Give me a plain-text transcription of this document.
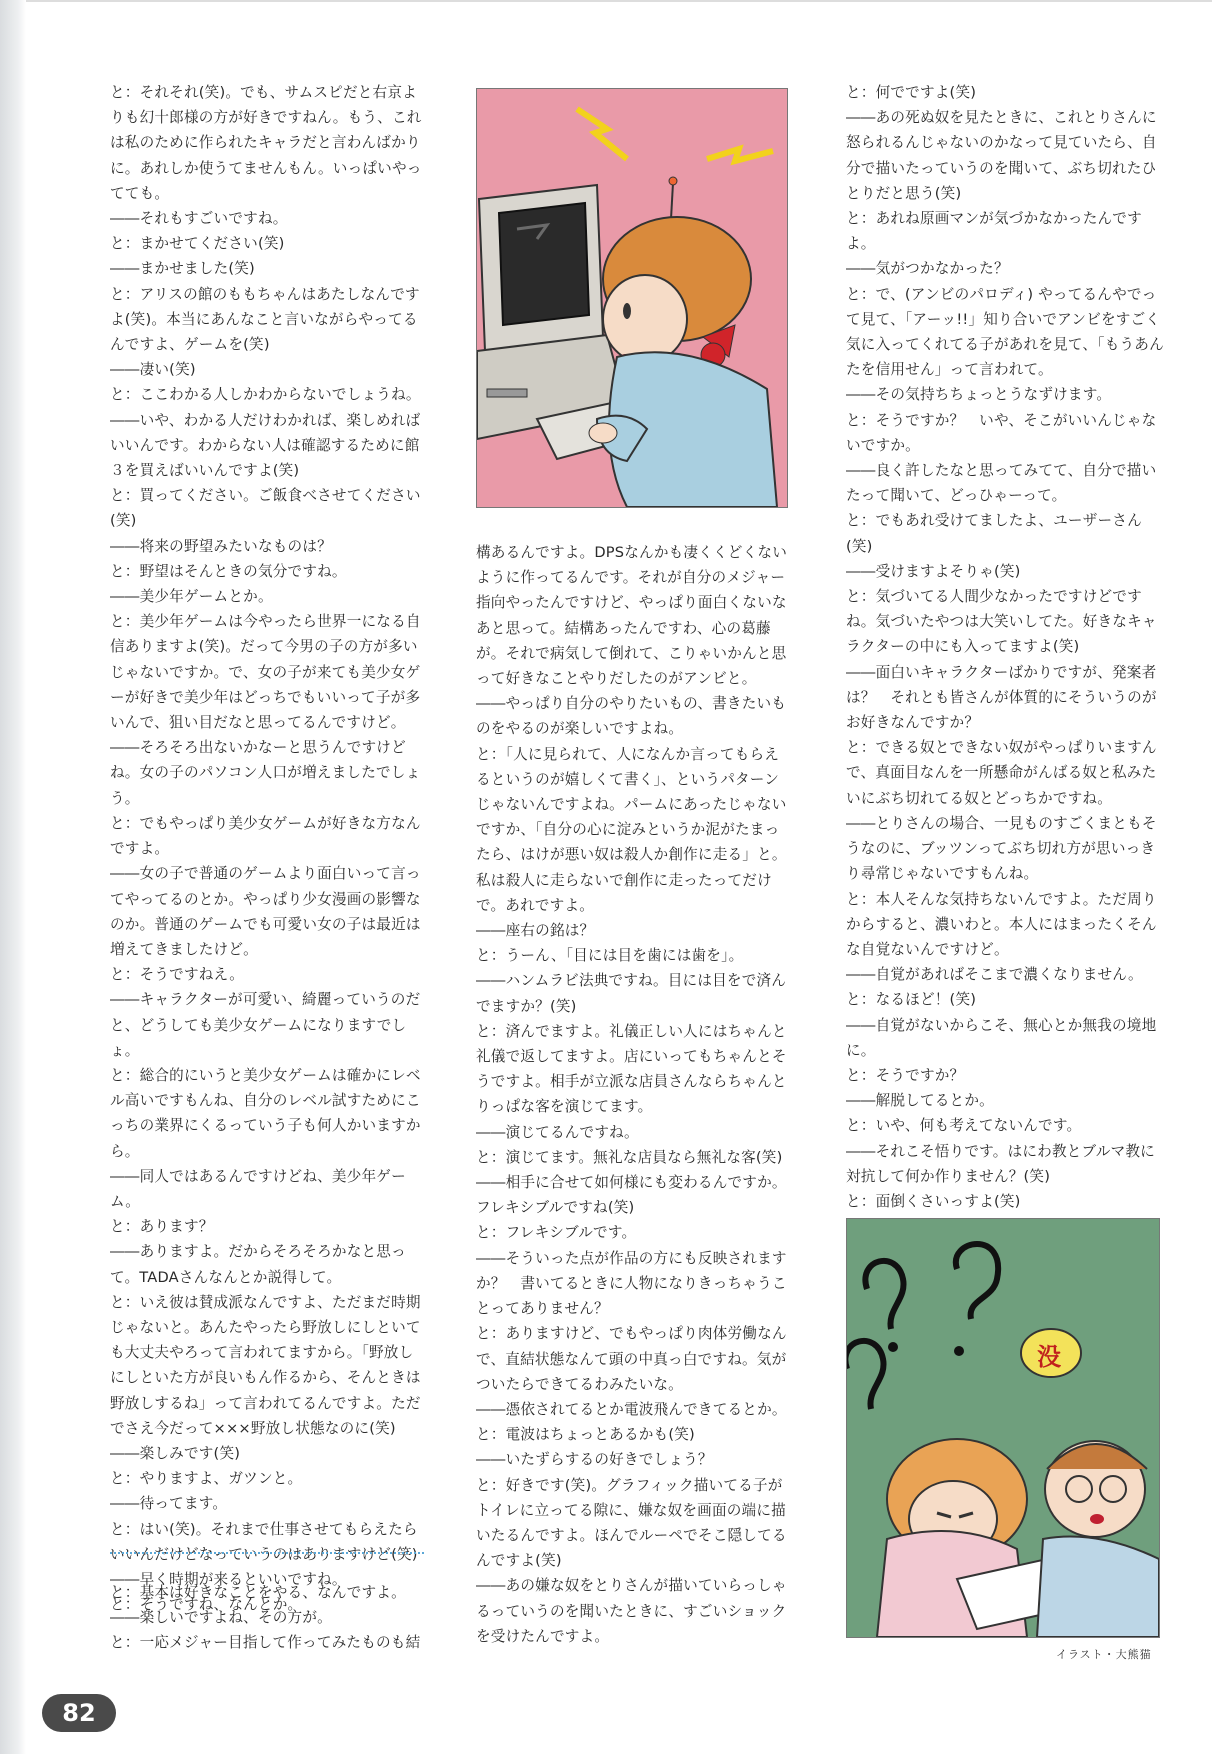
と：それそれ(笑)。でも、サムスピだと右京よりも幻十郎様の方が好きですねん。もう、これは私のために作られたキャラだと言わんばかりに。あれしか使うてませんもん。いっぱいやってても。

――それもすごいですね。

と：まかせてください(笑)

――まかせました(笑)

と：アリスの館のももちゃんはあたしなんですよ(笑)。本当にあんなこと言いながらやってるんですよ、ゲームを(笑)

――凄い(笑)

と：ここわかる人しかわからないでしょうね。

――いや、わかる人だけわかれば、楽しめればいいんです。わからない人は確認するために館３を買えばいいんですよ(笑)

と：買ってください。ご飯食べさせてください(笑)

――将来の野望みたいなものは？

と：野望はそんときの気分ですね。

――美少年ゲームとか。

と：美少年ゲームは今やったら世界一になる自信ありますよ(笑)。だって今男の子の方が多いじゃないですか。で、女の子が来ても美少女ゲーが好きで美少年はどっちでもいいって子が多いんで、狙い目だなと思ってるんですけど。

――そろそろ出ないかなーと思うんですけどね。女の子のパソコン人口が増えましたでしょう。

と：でもやっぱり美少女ゲームが好きな方なんですよ。

――女の子で普通のゲームより面白いって言ってやってるのとか。やっぱり少女漫画の影響なのか。普通のゲームでも可愛い女の子は最近は増えてきましたけど。

と：そうですねえ。

――キャラクターが可愛い、綺麗っていうのだと、どうしても美少女ゲームになりますでしょ。

と：総合的にいうと美少女ゲームは確かにレベル高いですもんね、自分のレベル試すためにこっちの業界にくるっていう子も何人かいますから。

――同人ではあるんですけどね、美少年ゲーム。

と：あります？

――ありますよ。だからそろそろかなと思って。TADAさんなんとか説得して。

と：いえ彼は賛成派なんですよ、ただまだ時期じゃないと。あんたやったら野放しにしといても大丈夫やろって言われてますから。「野放しにしといた方が良いもん作るから、そんときは野放しするね」って言われてるんですよ。ただでさえ今だって×××野放し状態なのに(笑)

――楽しみです(笑)

と：やりますよ、ガツンと。

――待ってます。

と：はい(笑)。それまで仕事させてもらえたらいいんだけどなっていうのはありますけど(笑)

――早く時期が来るといいですね。

と：そうですね、なんとか。

と：基本は好きなことをやる、なんですよ。

――楽しいですよね、その方が。

と：一応メジャー目指して作ってみたものも結

構あるんですよ。DPSなんかも凄くくどくないように作ってるんです。それが自分のメジャー指向やったんですけど、やっぱり面白くないなあと思って。結構あったんですわ、心の葛藤が。それで病気して倒れて、こりゃいかんと思って好きなことやりだしたのがアンビと。

――やっぱり自分のやりたいもの、書きたいものをやるのが楽しいですよね。

と：「人に見られて、人になんか言ってもらえるというのが嬉しくて書く」、というパターンじゃないんですよね。パームにあったじゃないですか、「自分の心に淀みというか泥がたまったら、はけが悪い奴は殺人か創作に走る」と。私は殺人に走らないで創作に走ったってだけで。あれですよ。

――座右の銘は？

と：うーん、「目には目を歯には歯を」。

――ハンムラビ法典ですね。目には目をで済んでますか？(笑)

と：済んでますよ。礼儀正しい人にはちゃんと礼儀で返してますよ。店にいってもちゃんとそうですよ。相手が立派な店員さんならちゃんとりっぱな客を演じてます。

――演じてるんですね。

と：演じてます。無礼な店員なら無礼な客(笑)

――相手に合せて如何様にも変わるんですか。フレキシブルですね(笑)

と：フレキシブルです。

――そういった点が作品の方にも反映されますか？　書いてるときに人物になりきっちゃうことってありません？

と：ありますけど、でもやっぱり肉体労働なんで、直結状態なんて頭の中真っ白ですね。気がついたらできてるわみたいな。

――憑依されてるとか電波飛んできてるとか。

と：電波はちょっとあるかも(笑)

――いたずらするの好きでしょう？

と：好きです(笑)。グラフィック描いてる子がトイレに立ってる隙に、嫌な奴を画面の端に描いたるんですよ。ほんでルーペでそこ隠してるんですよ(笑)

――あの嫌な奴をとりさんが描いていらっしゃるっていうのを聞いたときに、すごいショックを受けたんですよ。

と：何でですよ(笑)

――あの死ぬ奴を見たときに、これとりさんに怒られるんじゃないのかなって見ていたら、自分で描いたっていうのを聞いて、ぶち切れたひとりだと思う(笑)

と：あれね原画マンが気づかなかったんですよ。

――気がつかなかった？

と：で、(アンビのパロディ) やってるんやでって見て、「アーッ!!」知り合いでアンビをすごく気に入ってくれてる子があれを見て、「もうあんたを信用せん」って言われて。

――その気持ちちょっとうなずけます。

と：そうですか？　いや、そこがいいんじゃないですか。

――良く許したなと思ってみてて、自分で描いたって聞いて、どっひゃーって。

と：でもあれ受けてましたよ、ユーザーさん(笑)

――受けますよそりゃ(笑)

と：気づいてる人間少なかったですけどですね。気づいたやつは大笑いしてた。好きなキャラクターの中にも入ってますよ(笑)

――面白いキャラクターばかりですが、発案者は？　それとも皆さんが体質的にそういうのがお好きなんですか？

と：できる奴とできない奴がやっぱりいますんで、真面目なんを一所懸命がんばる奴と私みたいにぶち切れてる奴とどっちかですね。

――とりさんの場合、一見ものすごくまともそうなのに、ブッツンってぶち切れ方が思いっきり尋常じゃないですもんね。

と：本人そんな気持ちないんですよ。ただ周りからすると、濃いわと。本人にはまったくそんな自覚ないんですけど。

――自覚があればそこまで濃くなりません。

と：なるほど！(笑)

――自覚がないからこそ、無心とか無我の境地に。

と：そうですか？

――解脱してるとか。

と：いや、何も考えてないんです。

――それこそ悟りです。はにわ教とブルマ教に対抗して何か作りません？(笑)

と：面倒くさいっすよ(笑)

没
イラスト・大熊猫
82
